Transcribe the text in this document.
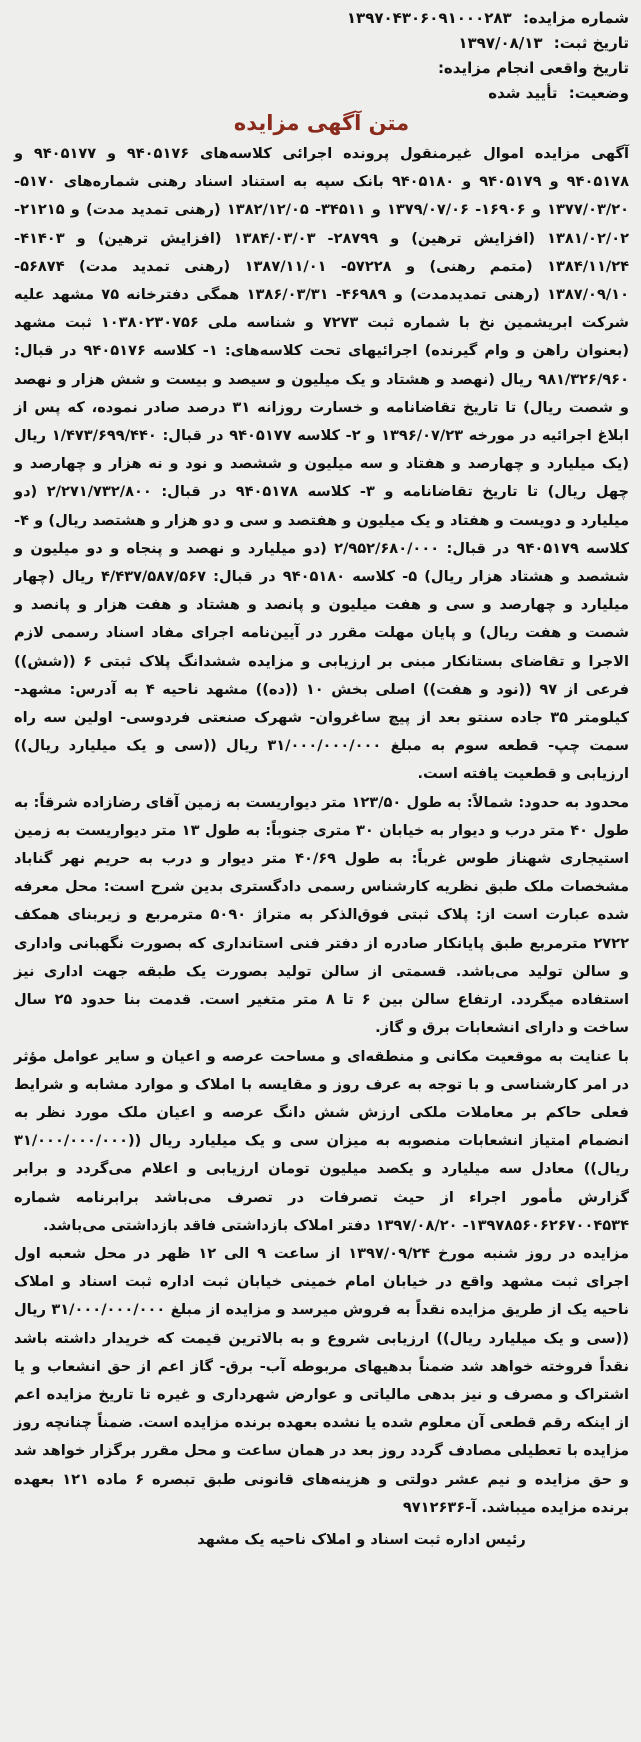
شماره مزایده: ۱۳۹۷۰۴۳۰۶۰۹۱۰۰۰۲۸۳
تاریخ ثبت: ۱۳۹۷/۰۸/۱۳
تاریخ واقعی انجام مزایده:
وضعیت: تأیید شده
متن آگهی مزایده

آگهی مزایده اموال غیرمنقول پرونده اجرائی کلاسه‌های ۹۴۰۵۱۷۶ و ۹۴۰۵۱۷۷ و ۹۴۰۵۱۷۸ و ۹۴۰۵۱۷۹ و ۹۴۰۵۱۸۰ بانک سپه به استناد اسناد رهنی شماره‌های ۵۱۷۰- ۱۳۷۷/۰۳/۲۰ و ۱۶۹۰۶- ۱۳۷۹/۰۷/۰۶ و ۳۴۵۱۱- ۱۳۸۲/۱۲/۰۵ (رهنی تمدید مدت) و ۲۱۲۱۵- ۱۳۸۱/۰۲/۰۲ (افزایش ترهین) و ۲۸۷۹۹- ۱۳۸۴/۰۳/۰۳ (افزایش ترهین) و ۴۱۴۰۳- ۱۳۸۴/۱۱/۲۴ (متمم رهنی) و ۵۷۲۲۸- ۱۳۸۷/۱۱/۰۱ (رهنی تمدید مدت) ۵۶۸۷۴- ۱۳۸۷/۰۹/۱۰ (رهنی تمدیدمدت) و ۴۶۹۸۹- ۱۳۸۶/۰۳/۳۱ همگی دفترخانه ۷۵ مشهد علیه شرکت ابریشمین نخ با شماره ثبت ۷۲۷۳ و شناسه ملی ۱۰۳۸۰۲۳۰۷۵۶ ثبت مشهد (بعنوان راهن و وام گیرنده) اجرائیهای تحت کلاسه‌های: ۱- کلاسه ۹۴۰۵۱۷۶ در قبال: ۹۸۱/۳۲۶/۹۶۰ ریال (نهصد و هشتاد و یک میلیون و سیصد و بیست و شش هزار و نهصد و شصت ریال) تا تاریخ تقاضانامه و خسارت روزانه ۳۱ درصد صادر نموده، که پس از ابلاغ اجرائیه در مورخه ۱۳۹۶/۰۷/۲۳ و ۲- کلاسه ۹۴۰۵۱۷۷ در قبال: ۱/۴۷۳/۶۹۹/۴۴۰ ریال (یک میلیارد و چهارصد و هفتاد و سه میلیون و ششصد و نود و نه هزار و چهارصد و چهل ریال) تا تاریخ تقاضانامه و ۳- کلاسه ۹۴۰۵۱۷۸ در قبال: ۲/۲۷۱/۷۳۲/۸۰۰ (دو میلیارد و دویست و هفتاد و یک میلیون و هفتصد و سی و دو هزار و هشتصد ریال) و ۴- کلاسه ۹۴۰۵۱۷۹ در قبال: ۲/۹۵۲/۶۸۰/۰۰۰ (دو میلیارد و نهصد و پنجاه و دو میلیون و ششصد و هشتاد هزار ریال) ۵- کلاسه ۹۴۰۵۱۸۰ در قبال: ۴/۴۳۷/۵۸۷/۵۶۷ ریال (چهار میلیارد و چهارصد و سی و هفت میلیون و پانصد و هشتاد و هفت هزار و پانصد و شصت و هفت ریال) و پایان مهلت مقرر در آیین‌نامه اجرای مفاد اسناد رسمی لازم الاجرا و تقاضای بستانکار مبنی بر ارزیابی و مزایده ششدانگ پلاک ثبتی ۶ ((شش)) فرعی از ۹۷ ((نود و هفت)) اصلی بخش ۱۰ ((ده)) مشهد ناحیه ۴ به آدرس: مشهد- کیلومتر ۳۵ جاده سنتو بعد از پیچ ساغروان- شهرک صنعتی فردوسی- اولین سه راه سمت چپ- قطعه سوم به مبلغ ۳۱/۰۰۰/۰۰۰/۰۰۰ ریال ((سی و یک میلیارد ریال)) ارزیابی و قطعیت یافته است.

محدود به حدود: شمالاً: به طول ۱۲۳/۵۰ متر دیواریست به زمین آقای رضازاده شرقاً: به طول ۴۰ متر درب و دیوار به خیابان ۳۰ متری جنوباً: به طول ۱۳ متر دیواریست به زمین استیجاری شهناز طوس غرباً: به طول ۴۰/۶۹ متر دیوار و درب به حریم نهر گناباد مشخصات ملک طبق نظریه کارشناس رسمی دادگستری بدین شرح است: محل معرفه شده عبارت است از: پلاک ثبتی فوق‌الذکر به متراژ ۵۰۹۰ مترمربع و زیربنای همکف ۲۷۲۲ مترمربع طبق پایانکار صادره از دفتر فنی استانداری که بصورت نگهبانی واداری و سالن تولید می‌باشد. قسمتی از سالن تولید بصورت یک طبقه جهت اداری نیز استفاده میگردد. ارتفاع سالن بین ۶ تا ۸ متر متغیر است. قدمت بنا حدود ۲۵ سال ساخت و دارای انشعابات برق و گاز.

با عنایت به موقعیت مکانی و منطقه‌ای و مساحت عرصه و اعیان و سایر عوامل مؤثر در امر کارشناسی و با توجه به عرف روز و مقایسه با املاک و موارد مشابه و شرایط فعلی حاکم بر معاملات ملکی ارزش شش دانگ عرصه و اعیان ملک مورد نظر به انضمام امتیاز انشعابات منصوبه به میزان سی و یک میلیارد ریال ((۳۱/۰۰۰/۰۰۰/۰۰۰ ریال)) معادل سه میلیارد و یکصد میلیون تومان ارزیابی و اعلام می‌گردد و برابر گزارش مأمور اجراء از حیث تصرفات در تصرف می‌باشد برابرنامه شماره ۱۳۹۷۸۵۶۰۶۲۶۷۰۰۴۵۳۴- ۱۳۹۷/۰۸/۲۰ دفتر املاک بازداشتی فاقد بازداشتی می‌باشد.

مزایده در روز شنبه مورخ ۱۳۹۷/۰۹/۲۴ از ساعت ۹ الی ۱۲ ظهر در محل شعبه اول اجرای ثبت مشهد واقع در خیابان امام خمینی خیابان ثبت اداره ثبت اسناد و املاک ناحیه یک از طریق مزایده نقداً به فروش میرسد و مزایده از مبلغ ۳۱/۰۰۰/۰۰۰/۰۰۰ ریال ((سی و یک میلیارد ریال)) ارزیابی شروع و به بالاترین قیمت که خریدار داشته باشد نقداً فروخته خواهد شد ضمناً بدهیهای مربوطه آب- برق- گاز اعم از حق انشعاب و یا اشتراک و مصرف و نیز بدهی مالیاتی و عوارض شهرداری و غیره تا تاریخ مزایده اعم از اینکه رقم قطعی آن معلوم شده یا نشده بعهده برنده مزایده است. ضمناً چنانچه روز مزایده با تعطیلی مصادف گردد روز بعد در همان ساعت و محل مقرر برگزار خواهد شد و حق مزایده و نیم عشر دولتی و هزینه‌های قانونی طبق تبصره ۶ ماده ۱۲۱ بعهده برنده مزایده میباشد. آ-۹۷۱۲۶۳۶

رئیس اداره ثبت اسناد و املاک ناحیه یک مشهد
